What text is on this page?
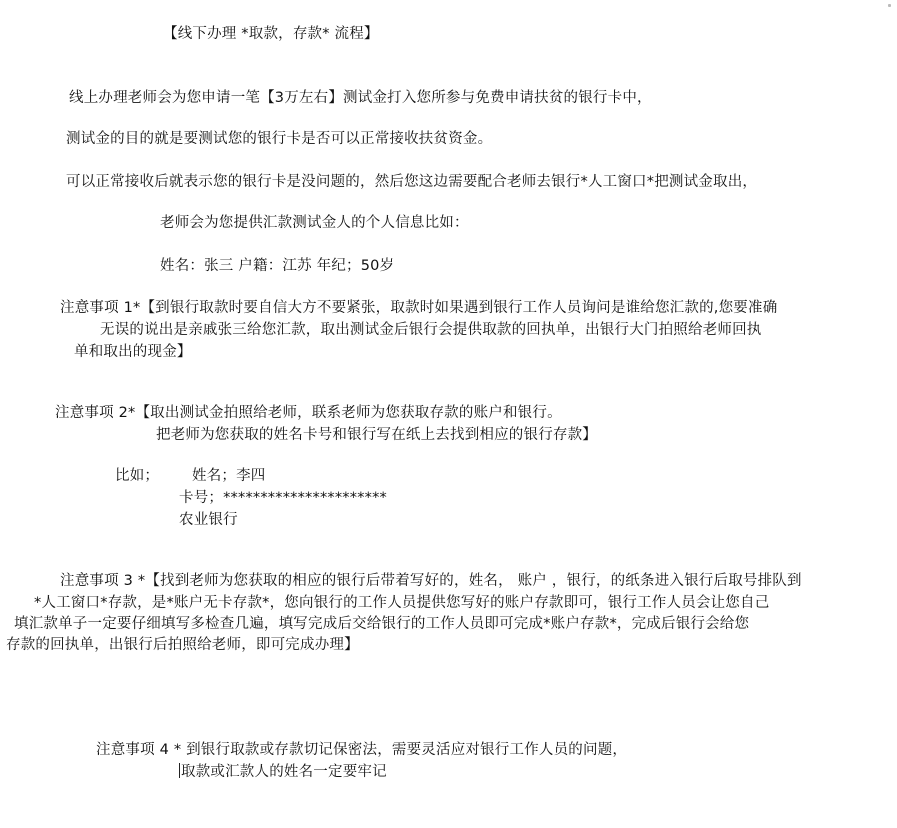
【线下办理 *取款，存款* 流程】
线上办理老师会为您申请一笔【3万左右】测试金打入您所参与免费申请扶贫的银行卡中，
测试金的目的就是要测试您的银行卡是否可以正常接收扶贫资金。
可以正常接收后就表示您的银行卡是没问题的，然后您这边需要配合老师去银行*人工窗口*把测试金取出，
老师会为您提供汇款测试金人的个人信息比如：
姓名：张三 户籍：江苏 年纪；50岁
注意事项 1*【到银行取款时要自信大方不要紧张，取款时如果遇到银行工作人员询问是谁给您汇款的,您要准确
无误的说出是亲戚张三给您汇款，取出测试金后银行会提供取款的回执单，出银行大门拍照给老师回执
单和取出的现金】
注意事项 2*【取出测试金拍照给老师，联系老师为您获取存款的账户和银行。
把老师为您获取的姓名卡号和银行写在纸上去找到相应的银行存款】
比如； 姓名；李四
卡号；**********************
农业银行
注意事项 3 *【找到老师为您获取的相应的银行后带着写好的，姓名， 账户 ，银行，的纸条进入银行后取号排队到
*人工窗口*存款，是*账户无卡存款*，您向银行的工作人员提供您写好的账户存款即可，银行工作人员会让您自己
填汇款单子一定要仔细填写多检查几遍，填写完成后交给银行的工作人员即可完成*账户存款*，完成后银行会给您
存款的回执单，出银行后拍照给老师，即可完成办理】
注意事项 4 * 到银行取款或存款切记保密法，需要灵活应对银行工作人员的问题，
取款或汇款人的姓名一定要牢记
